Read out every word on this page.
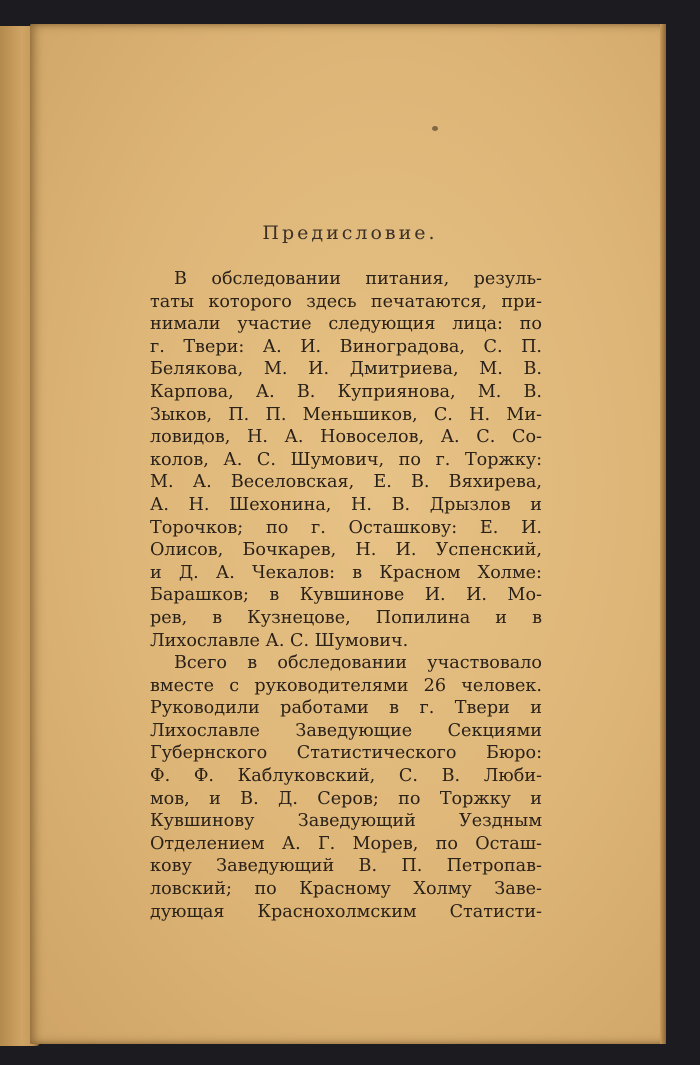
Предисловие.
В обследовании питания, резуль-
таты которого здесь печатаются, при-
нимали участие следующия лица: по
г. Твери: А. И. Виноградова, С. П.
Белякова, М. И. Дмитриева, М. В.
Карпова, А. В. Куприянова, М. В.
Зыков, П. П. Меньшиков, С. Н. Ми-
ловидов, Н. А. Новоселов, А. С. Со-
колов, А. С. Шумович, по г. Торжку:
М. А. Веселовская, Е. В. Вяхирева,
А. Н. Шехонина, Н. В. Дрызлов и
Торочков; по г. Осташкову: Е. И.
Олисов, Бочкарев, Н. И. Успенский,
и Д. А. Чекалов: в Красном Холме:
Барашков; в Кувшинове И. И. Мо-
рев, в Кузнецове, Попилина и в
Лихославле А. С. Шумович.
Всего в обследовании участвовало
вместе с руководителями 26 человек.
Руководили работами в г. Твери и
Лихославле Заведующие Секциями
Губернского Статистического Бюро:
Ф. Ф. Каблуковский, С. В. Люби-
мов, и В. Д. Серов; по Торжку и
Кувшинову Заведующий Уездным
Отделением А. Г. Морев, по Осташ-
кову Заведующий В. П. Петропав-
ловский; по Красному Холму Заве-
дующая Краснохолмским Статисти-
